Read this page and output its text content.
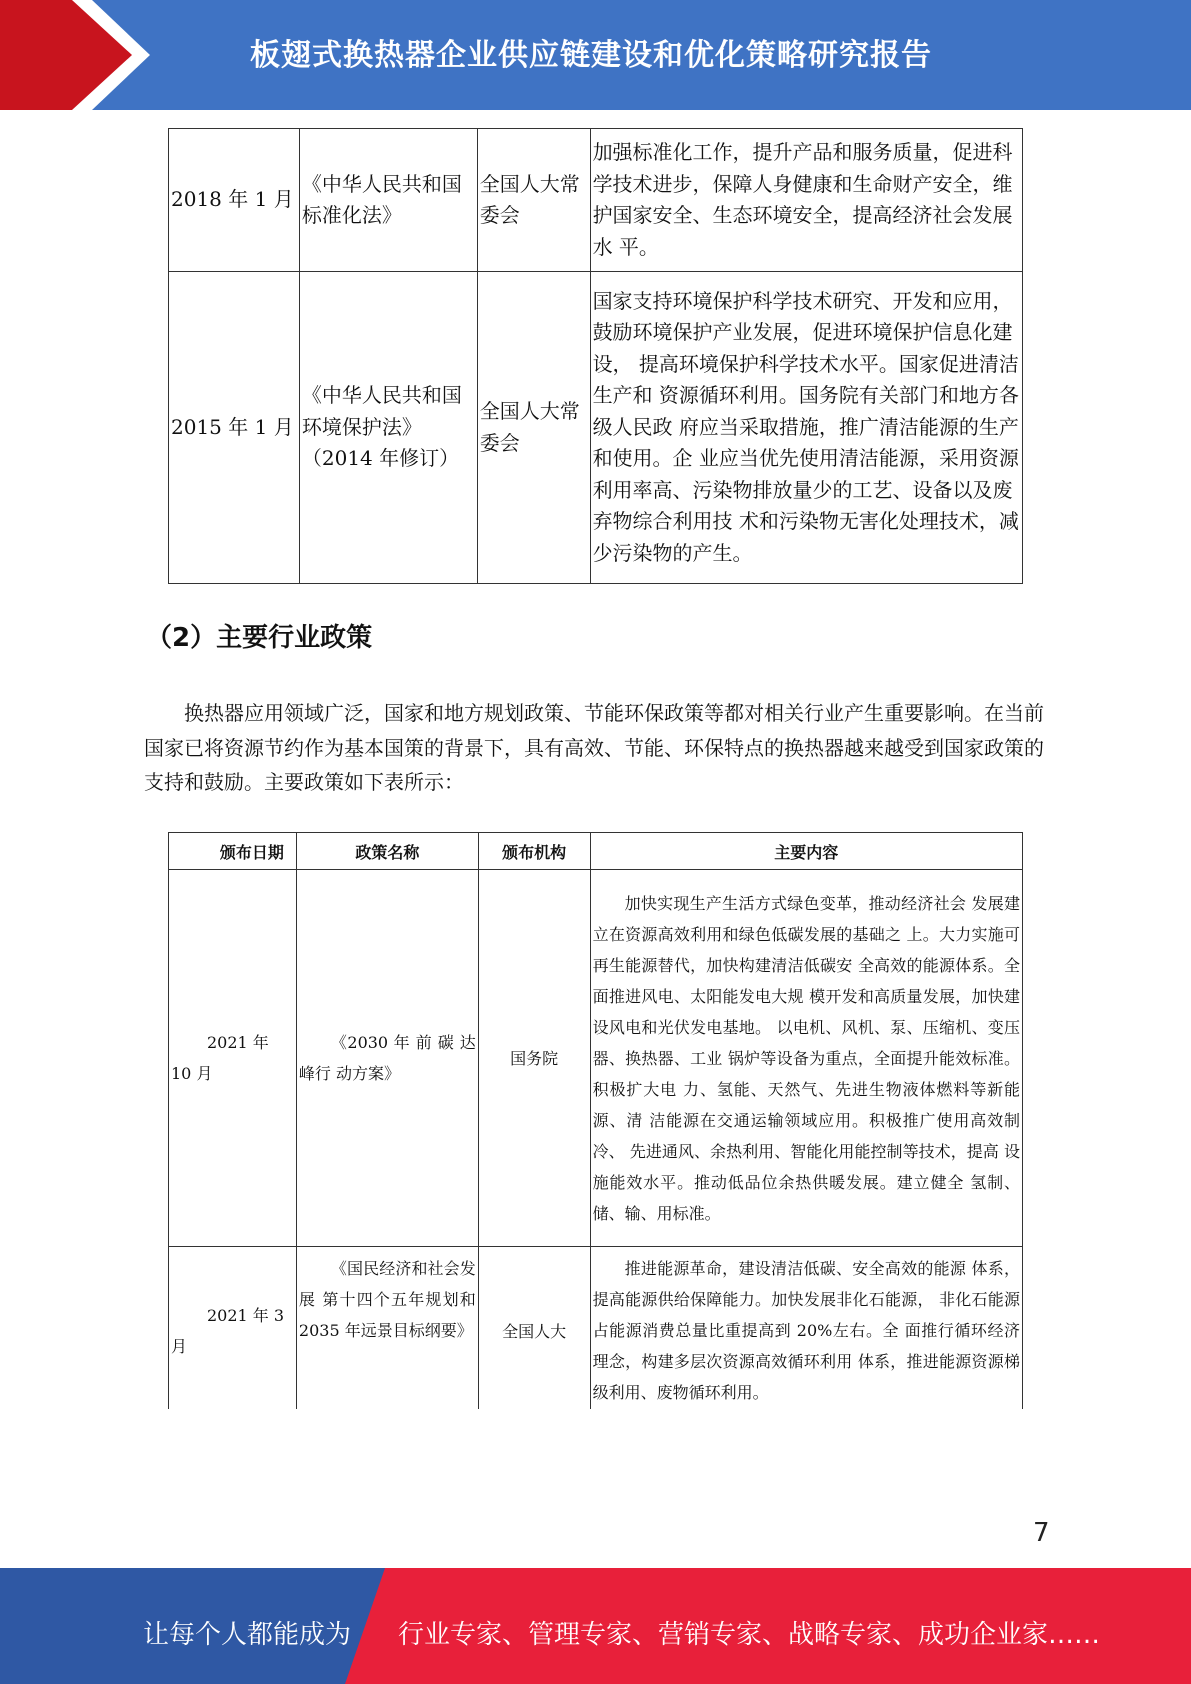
板翅式换热器企业供应链建设和优化策略研究报告
2018 年 1 月	《中华人民共和国标准化法》	全国人大常委会	加强标准化工作，提升产品和服务质量，促进科学技术进步，保障人身健康和生命财产安全，维 护国家安全、生态环境安全，提高经济社会发展水 平。
2015 年 1 月	《中华人民共和国环境保护法》（2014 年修订）	全国人大常委会	国家支持环境保护科学技术研究、开发和应用， 鼓励环境保护产业发展，促进环境保护信息化建设， 提高环境保护科学技术水平。国家促进清洁生产和 资源循环利用。国务院有关部门和地方各级人民政 府应当采取措施，推广清洁能源的生产和使用。企 业应当优先使用清洁能源，采用资源利用率高、污染物排放量少的工艺、设备以及废弃物综合利用技 术和污染物无害化处理技术，减少污染物的产生。
（2）主要行业政策
换热器应用领域广泛，国家和地方规划政策、节能环保政策等都对相关行业产生重要影响。在当前国家已将资源节约作为基本国策的背景下，具有高效、节能、环保特点的换热器越来越受到国家政策的支持和鼓励。主要政策如下表所示：
颁布日期	政策名称	颁布机构	主要内容
2021 年 10 月	《2030 年 前 碳 达 峰行 动方案》	国务院	加快实现生产生活方式绿色变革，推动经济社会 发展建立在资源高效利用和绿色低碳发展的基础之 上。大力实施可再生能源替代，加快构建清洁低碳安 全高效的能源体系。全面推进风电、太阳能发电大规 模开发和高质量发展，加快建设风电和光伏发电基地。 以电机、风机、泵、压缩机、变压器、换热器、工业 锅炉等设备为重点，全面提升能效标准。积极扩大电 力、氢能、天然气、先进生物液体燃料等新能源、清 洁能源在交通运输领域应用。积极推广使用高效制冷、 先进通风、余热利用、智能化用能控制等技术，提高 设施能效水平。推动低品位余热供暖发展。建立健全 氢制、储、输、用标准。
2021 年 3 月	《国民经济和社会发展 第十四个五年规划和 2035 年远景目标纲要》	全国人大	推进能源革命，建设清洁低碳、安全高效的能源 体系，提高能源供给保障能力。加快发展非化石能源， 非化石能源占能源消费总量比重提高到 20%左右。全 面推行循环经济理念，构建多层次资源高效循环利用 体系，推进能源资源梯级利用、废物循环利用。
7
让每个人都能成为 行业专家、管理专家、营销专家、战略专家、成功企业家……
